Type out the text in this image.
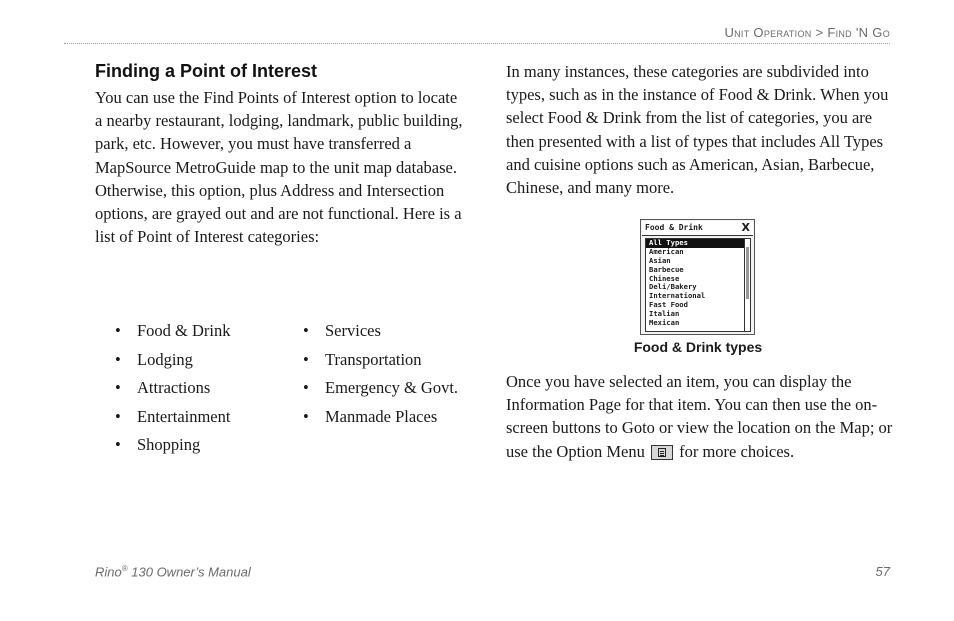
Unit Operation > Find 'N Go
Finding a Point of Interest

You can use the Find Points of Interest option to locate a nearby restaurant, lodging, landmark, public building, park, etc. However, you must have transferred a MapSource MetroGuide map to the unit map database. Otherwise, this option, plus Address and Intersection options, are grayed out and are not functional. Here is a list of Point of Interest categories:

• Food & Drink
• Lodging
• Attractions
• Entertainment
• Shopping
• Services
• Transportation
• Emergency & Govt.
• Manmade Places

In many instances, these categories are subdivided into types, such as in the instance of Food & Drink. When you select Food & Drink from the list of categories, you are then presented with a list of types that includes All Types and cuisine options such as American, Asian, Barbecue, Chinese, and many more.

Food & Drink	X
All Types
American
Asian
Barbecue
Chinese
Deli/Bakery
International
Fast Food
Italian
Mexican
Food & Drink types

Once you have selected an item, you can display the Information Page for that item. You can then use the on-screen buttons to Goto or view the location on the Map; or use the Option Menu for more choices.

Rino® 130 Owner’s Manual	57
